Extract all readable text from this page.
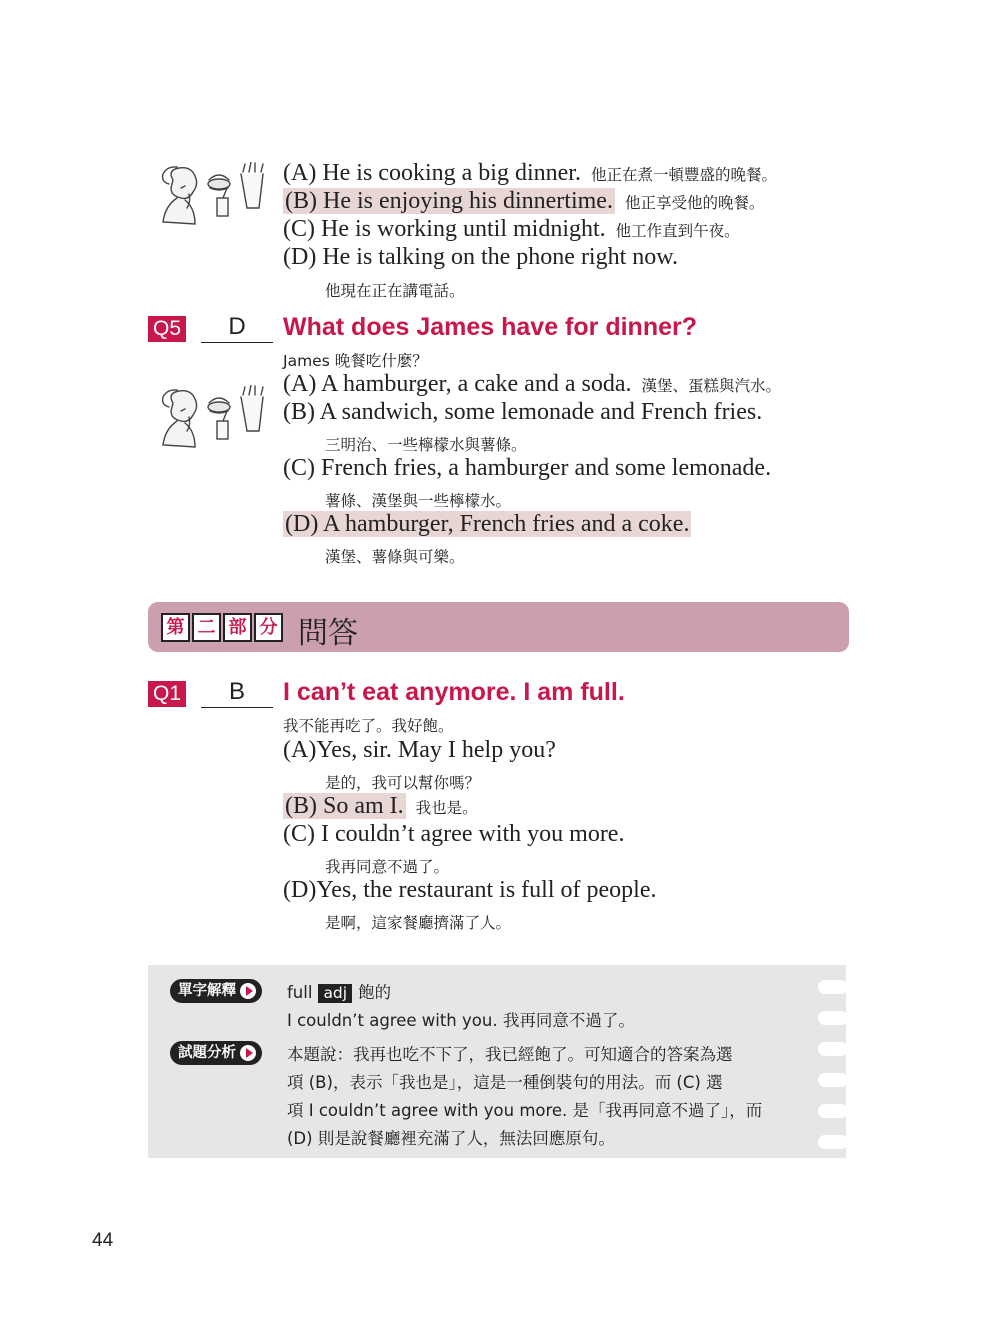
(A) He is cooking a big dinner. 他正在煮一頓豐盛的晚餐。
(B) He is enjoying his dinnertime. 他正享受他的晚餐。
(C) He is working until midnight. 他工作直到午夜。
(D) He is talking on the phone right now.
他現在正在講電話。
Q5	D	What does James have for dinner?
James 晚餐吃什麼？
(A) A hamburger, a cake and a soda. 漢堡、蛋糕與汽水。
(B) A sandwich, some lemonade and French fries.
三明治、一些檸檬水與薯條。
(C) French fries, a hamburger and some lemonade.
薯條、漢堡與一些檸檬水。
(D) A hamburger, French fries and a coke.
漢堡、薯條與可樂。
第 二 部 分 問答
Q1	B	I can’t eat anymore. I am full.
我不能再吃了。我好飽。
(A)Yes, sir. May I help you?
是的，我可以幫你嗎？
(B) So am I. 我也是。
(C) I couldn’t agree with you more.
我再同意不過了。
(D)Yes, the restaurant is full of people.
是啊，這家餐廳擠滿了人。
單字解釋	full adj 飽的
I couldn’t agree with you. 我再同意不過了。
試題分析	本題說：我再也吃不下了，我已經飽了。可知適合的答案為選
項 (B)，表示「我也是」，這是一種倒裝句的用法。而 (C) 選
項 I couldn’t agree with you more. 是「我再同意不過了」，而
(D) 則是說餐廳裡充滿了人，無法回應原句。
44
